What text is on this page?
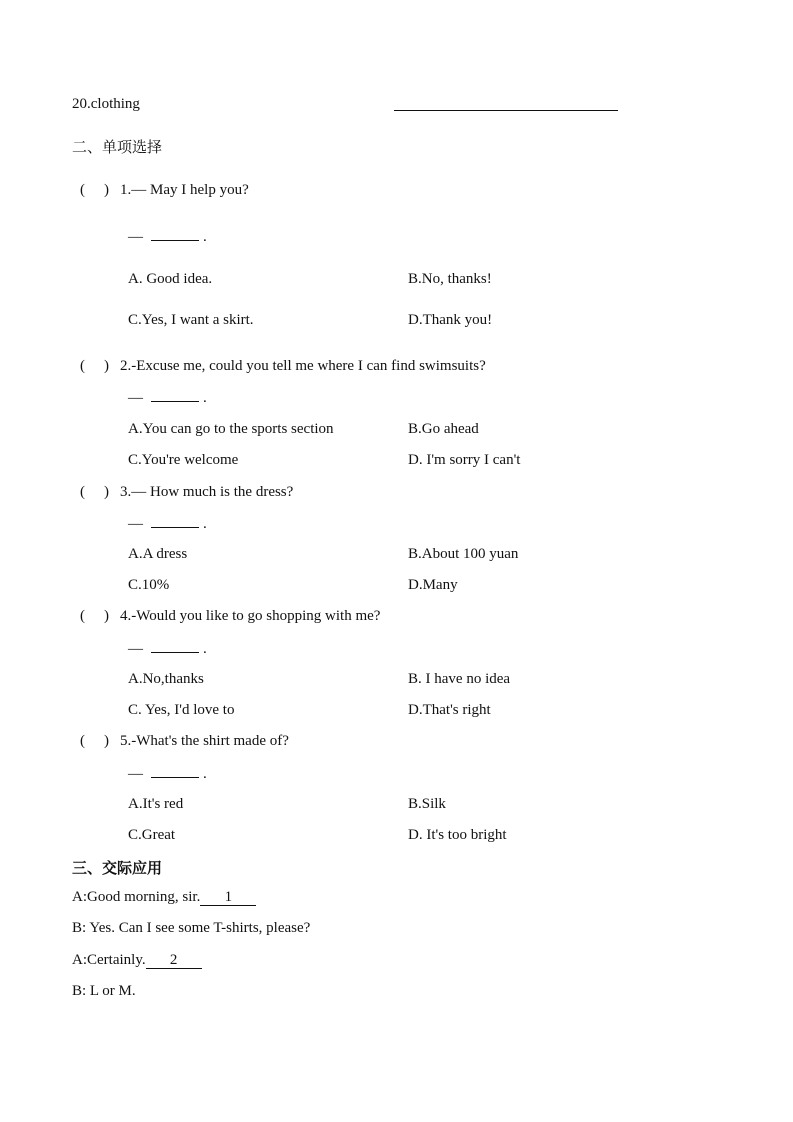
20.clothing
二、单项选择
( ) 1.— May I help you?
—	.
A. Good idea.	B.No, thanks!
C.Yes, I want a skirt.	D.Thank you!
( ) 2.-Excuse me, could you tell me where I can find swimsuits?
—	.
A.You can go to the sports section	B.Go ahead
C.You're welcome	D. I'm sorry I can't
( ) 3.— How much is the dress?
—	.
A.A dress	B.About 100 yuan
C.10%	D.Many
( ) 4.-Would you like to go shopping with me?
—	.
A.No,thanks	B. I have no idea
C. Yes, I'd love to	D.That's right
( ) 5.-What's the shirt made of?
—	.
A.It's red	B.Silk
C.Great	D. It's too bright
三、交际应用
A:Good morning, sir. 1
B: Yes. Can I see some T-shirts, please?
A:Certainly. 2
B: L or M.
